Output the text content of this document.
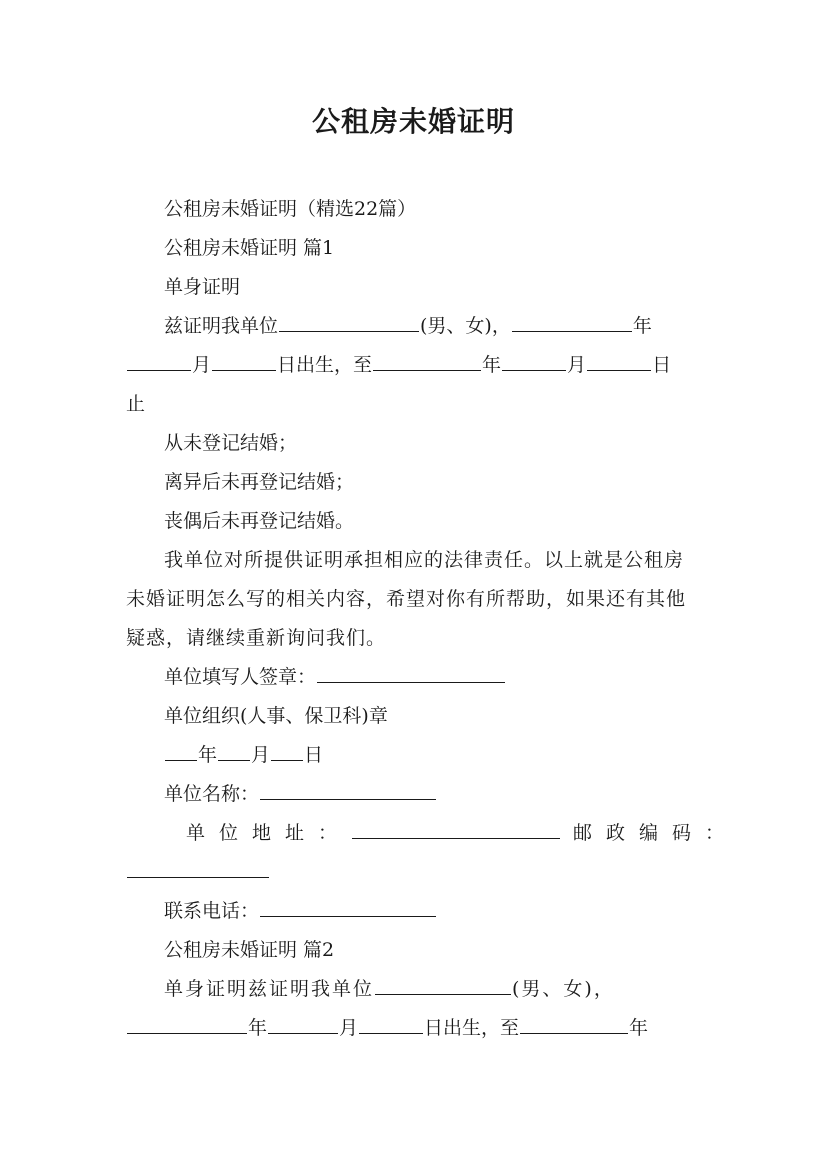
公租房未婚证明

公租房未婚证明（精选22篇）

公租房未婚证明 篇1

单身证明

兹证明我单位	(男、女)，	年

月	日出生，至	年	月	日

止

从未登记结婚；

离异后未再登记结婚；

丧偶后未再登记结婚。

我单位对所提供证明承担相应的法律责任。以上就是公租房未婚证明怎么写的相关内容，希望对你有所帮助，如果还有其他疑惑，请继续重新询问我们。

单位填写人签章：

单位组织(人事、保卫科)章

年 月 日

单位名称：

单位地址：	邮政编码：

联系电话：

公租房未婚证明 篇2

单身证明兹证明我单位	(男、女)，

年	月	日出生，至	年
